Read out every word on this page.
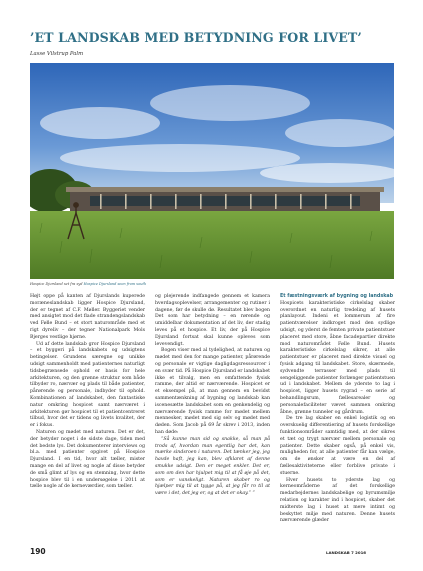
’ET LANDSKAB MED BETYDNING FOR LIVET’
Lasse Vilstrup Palm
Hospice Djursland set fra syd Hospice Djursland seen from south

Højt oppe på kanten af Djurslands kuperede moræneslandskab ligger Hospice Djursland, der er tegnet af C.F. Møller. Byggeriet vender med ansigtet mod det flade strandengslandskab ved Følle Bund – et stort naturområde med et rigt dyreliv – der tegner Nationalpark Mols Bjerges vestlige hjørne.

Ud af dette landskab gror Hospice Djursland – et byggeri på landskabets og udsigtens betingelser. Grundens særegne og unikke udsigt sammenholdt med patienternes naturligt tidsbegrænsede ophold er basis for hele arkitekturen, og den grønne struktur som både tilbyder ro, nærvær og plads til både patienter, pårørende og personale, indbyder til ophold. Kombinationen af landskabet, den fantastiske natur omkring hospicet samt nærværet i arkitekturen gør hospicet til et patientcentreret tilbud, hvor det er tidens og livets kvalitet, der er i fokus.

Naturen og mødet med naturen. Det er det, der betyder noget i de sidste dage, tiden med det bedste lys. Det dokumenterer interviews og bl.a. med patienter opgivet på Hospice Djursland. I en tid, hvor alt tæller, mister mange en del af livet og nogle af disse betyder de små glimt af lys og en stemning, hvor dette hospice blev til i en undersøgelse i 2011 at tælle nogle af de kerneværdier, som tæller.

og plejerende indfangede gennem et kamera hverdagsoplevelser, arrangementer og rutiner i dagene, før de skulle dø. Resultatet blev bogen Det som har betydning – en rørende og umiddelbar dokumentation af det liv, der stadig leves på et hospice. Et liv, der på Hospice Djursland fortsat skal kunne opleves som levevendigt.

Bogen viser med al tydelighed, at naturen og mødet med den for mange patienter, pårørende og personale er vigtige dagligdagsressourcer i en svær tid. På Hospice Djursland er landskabet ikke et tilvalg, men en omfattende fysisk ramme, der altid er nærværende. Hospicet er et eksempel på, at man gennem en bevidst sammentænkning af bygning og landskab kan iscenesætte landskabet som en genkendelig og nærværende fysisk ramme for mødet mellem mennesker, mødet med sig selv og mødet med døden. Som Jacob på 69 år skrev i 2013, inden han døde:

”Så kunne man sid og snakke, så man på trods af, hvordan man egentlig har det, kan mærke sindsroen i naturen. Det tænker jeg, jeg havde haft, jeg kan, blev afklaret af denne smukke udsigt. Den er meget enkler. Det er, som om den har hjulpet mig til at få øje på det, som er vanskeligt. Naturen skaber ro og hjælper mig til at tygge på, at jeg får ro til at være i det, det jeg er, og at det er okay.” ”

Et fæstningsværk af bygning og landskab

Hospicets karakteristiske cirkelslag skaber overordnet en naturlig tredeling af husets planlayout. Indeni et lommerum af fire patientværelser indkroget mod den sydlige udsigt, og yderst de femten private patientstuer placeret med store, åbne facadepartier direkte mod naturområdet Følle Bund. Husets karakteristiske cirkelslag sikrer, at alle patientstuer er placeret med direkte visuel og fysisk adgang til landskabet. Store, skærmede, sydvendte terrasser med plads til sengeliggende patienter forlænger patientstuen ud i landskabet. Mellem de yderste to lag i hospicet, ligger husets rygrad – en serie af behandlingsrum, fællesarealer og personalefaciliteter vævet sammen omkring åbne, grønne tunneler og gårdrum.

De tre lag skaber en enkel logistik og en overskuelig differentiering af husets forskellige funktionsområder samtidig med, at der sikres et tæt og trygt nærvær mellem personale og patienter. Dette skaber også, på enkel vis, muligheden for, at alle patienter får kan vælge, om de ønsker at være en del af fællesaktiviteterne eller forblive private i stuerne.

Hver husets to yderste lag og kerneområderne af det forskellige medarbejdernes landskabelige og byrumsmiljø relation og karakter ind i hospicet, skaber det midterste lag i huset at mere intimt og beskyttet miljø med naturen. Denne husets nærværende glæder

190	LANDSKAB 7 2016
